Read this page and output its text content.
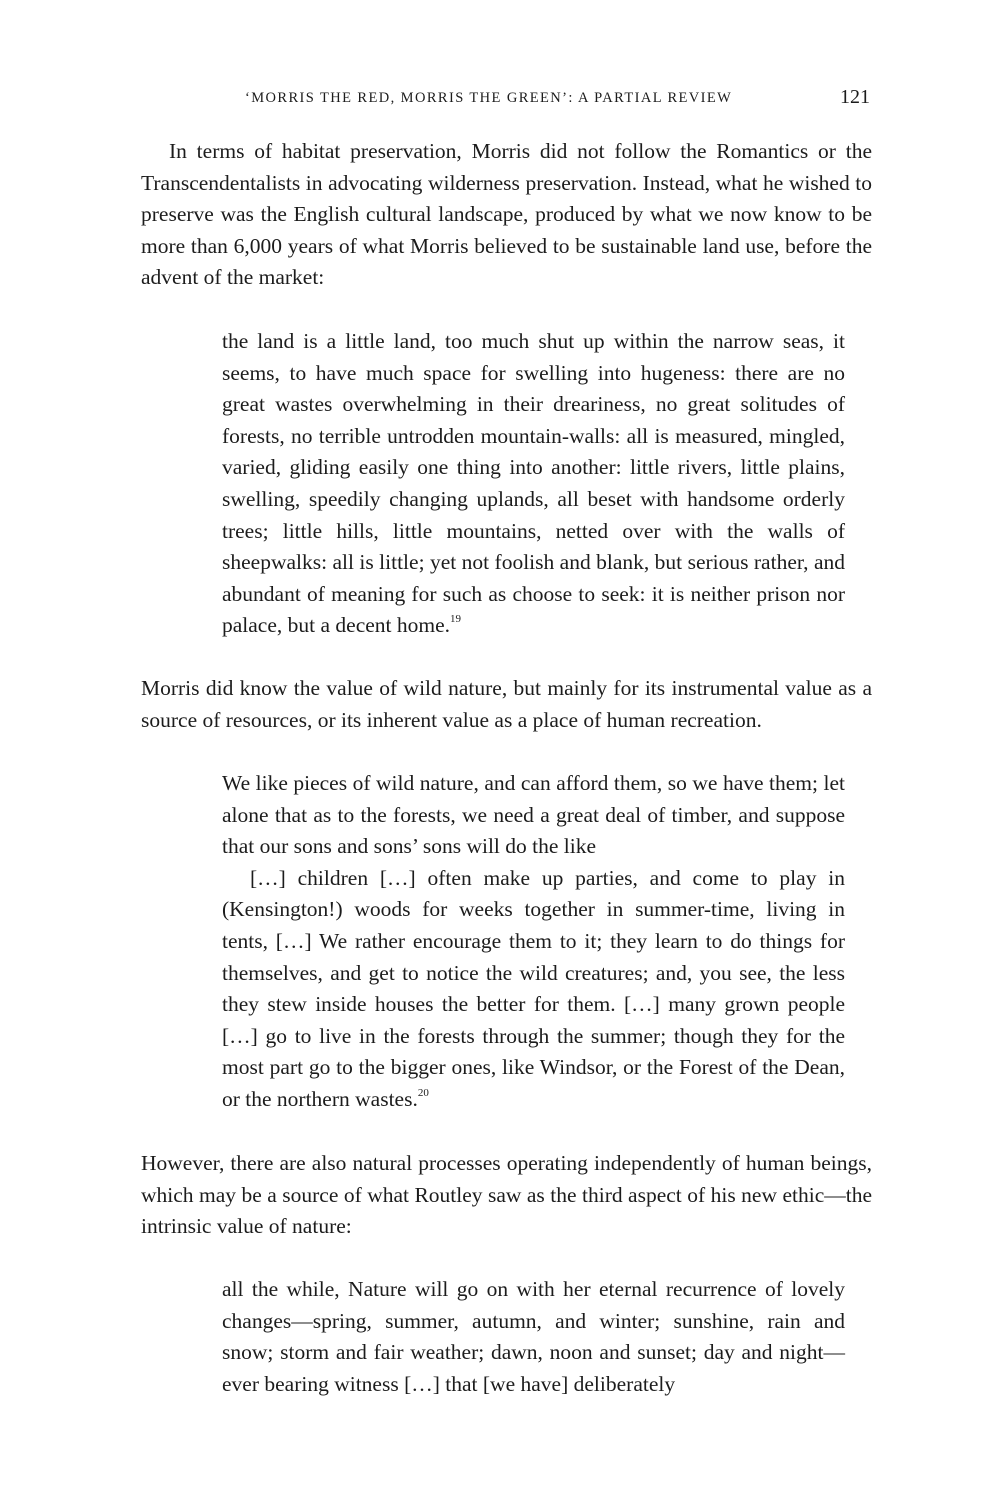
‘MORRIS THE RED, MORRIS THE GREEN’: A PARTIAL REVIEW	121

In terms of habitat preservation, Morris did not follow the Romantics or the Transcendentalists in advocating wilderness preservation. Instead, what he wished to preserve was the English cultural landscape, produced by what we now know to be more than 6,000 years of what Morris believed to be sustainable land use, before the advent of the market:

the land is a little land, too much shut up within the narrow seas, it seems, to have much space for swelling into hugeness: there are no great wastes overwhelming in their dreariness, no great solitudes of forests, no terrible untrodden mountain-walls: all is measured, mingled, varied, gliding easily one thing into another: little rivers, little plains, swelling, speedily changing uplands, all beset with handsome orderly trees; little hills, little mountains, netted over with the walls of sheepwalks: all is little; yet not foolish and blank, but serious rather, and abundant of meaning for such as choose to seek: it is neither prison nor palace, but a decent home.$^{19}$

Morris did know the value of wild nature, but mainly for its instrumental value as a source of resources, or its inherent value as a place of human recreation.

We like pieces of wild nature, and can afford them, so we have them; let alone that as to the forests, we need a great deal of timber, and suppose that our sons and sons’ sons will do the like

[…] children […] often make up parties, and come to play in (Kensington!) woods for weeks together in summer-time, living in tents, […] We rather encourage them to it; they learn to do things for themselves, and get to notice the wild creatures; and, you see, the less they stew inside houses the better for them. […] many grown people […] go to live in the forests through the summer; though they for the most part go to the bigger ones, like Windsor, or the Forest of the Dean, or the northern wastes.$^{20}$

However, there are also natural processes operating independently of human beings, which may be a source of what Routley saw as the third aspect of his new ethic—the intrinsic value of nature:

all the while, Nature will go on with her eternal recurrence of lovely changes—spring, summer, autumn, and winter; sunshine, rain and snow; storm and fair weather; dawn, noon and sunset; day and night—ever bearing witness […] that [we have] deliberately
